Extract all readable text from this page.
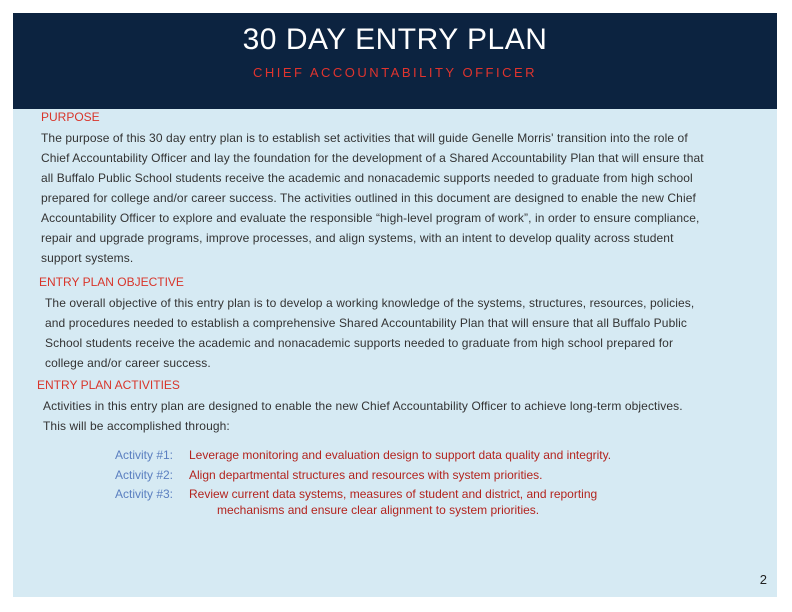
30 DAY ENTRY PLAN
CHIEF ACCOUNTABILITY OFFICER
PURPOSE
The purpose of this 30 day entry plan is to establish set activities that will guide Genelle Morris' transition into the role of
Chief Accountability Officer and lay the foundation for the development of a Shared Accountability Plan that will ensure that
all Buffalo Public School students receive the academic and nonacademic supports needed to graduate from high school
prepared for college and/or career success. The activities outlined in this document are designed to enable the new Chief
Accountability Officer to explore and evaluate the responsible “high-level program of work”, in order to ensure compliance,
repair and upgrade programs, improve processes, and align systems, with an intent to develop quality across student
support systems.
ENTRY PLAN OBJECTIVE
The overall objective of this entry plan is to develop a working knowledge of the systems, structures, resources, policies,
and procedures needed to establish a comprehensive Shared Accountability Plan that will ensure that all Buffalo Public
School students receive the academic and nonacademic supports needed to graduate from high school prepared for
college and/or career success.
ENTRY PLAN ACTIVITIES
Activities in this entry plan are designed to enable the new Chief Accountability Officer to achieve long-term objectives.
This will be accomplished through:
Activity #1: Leverage monitoring and evaluation design to support data quality and integrity.
Activity #2: Align departmental structures and resources with system priorities.
Activity #3: Review current data systems, measures of student and district, and reporting
mechanisms and ensure clear alignment to system priorities.
2
